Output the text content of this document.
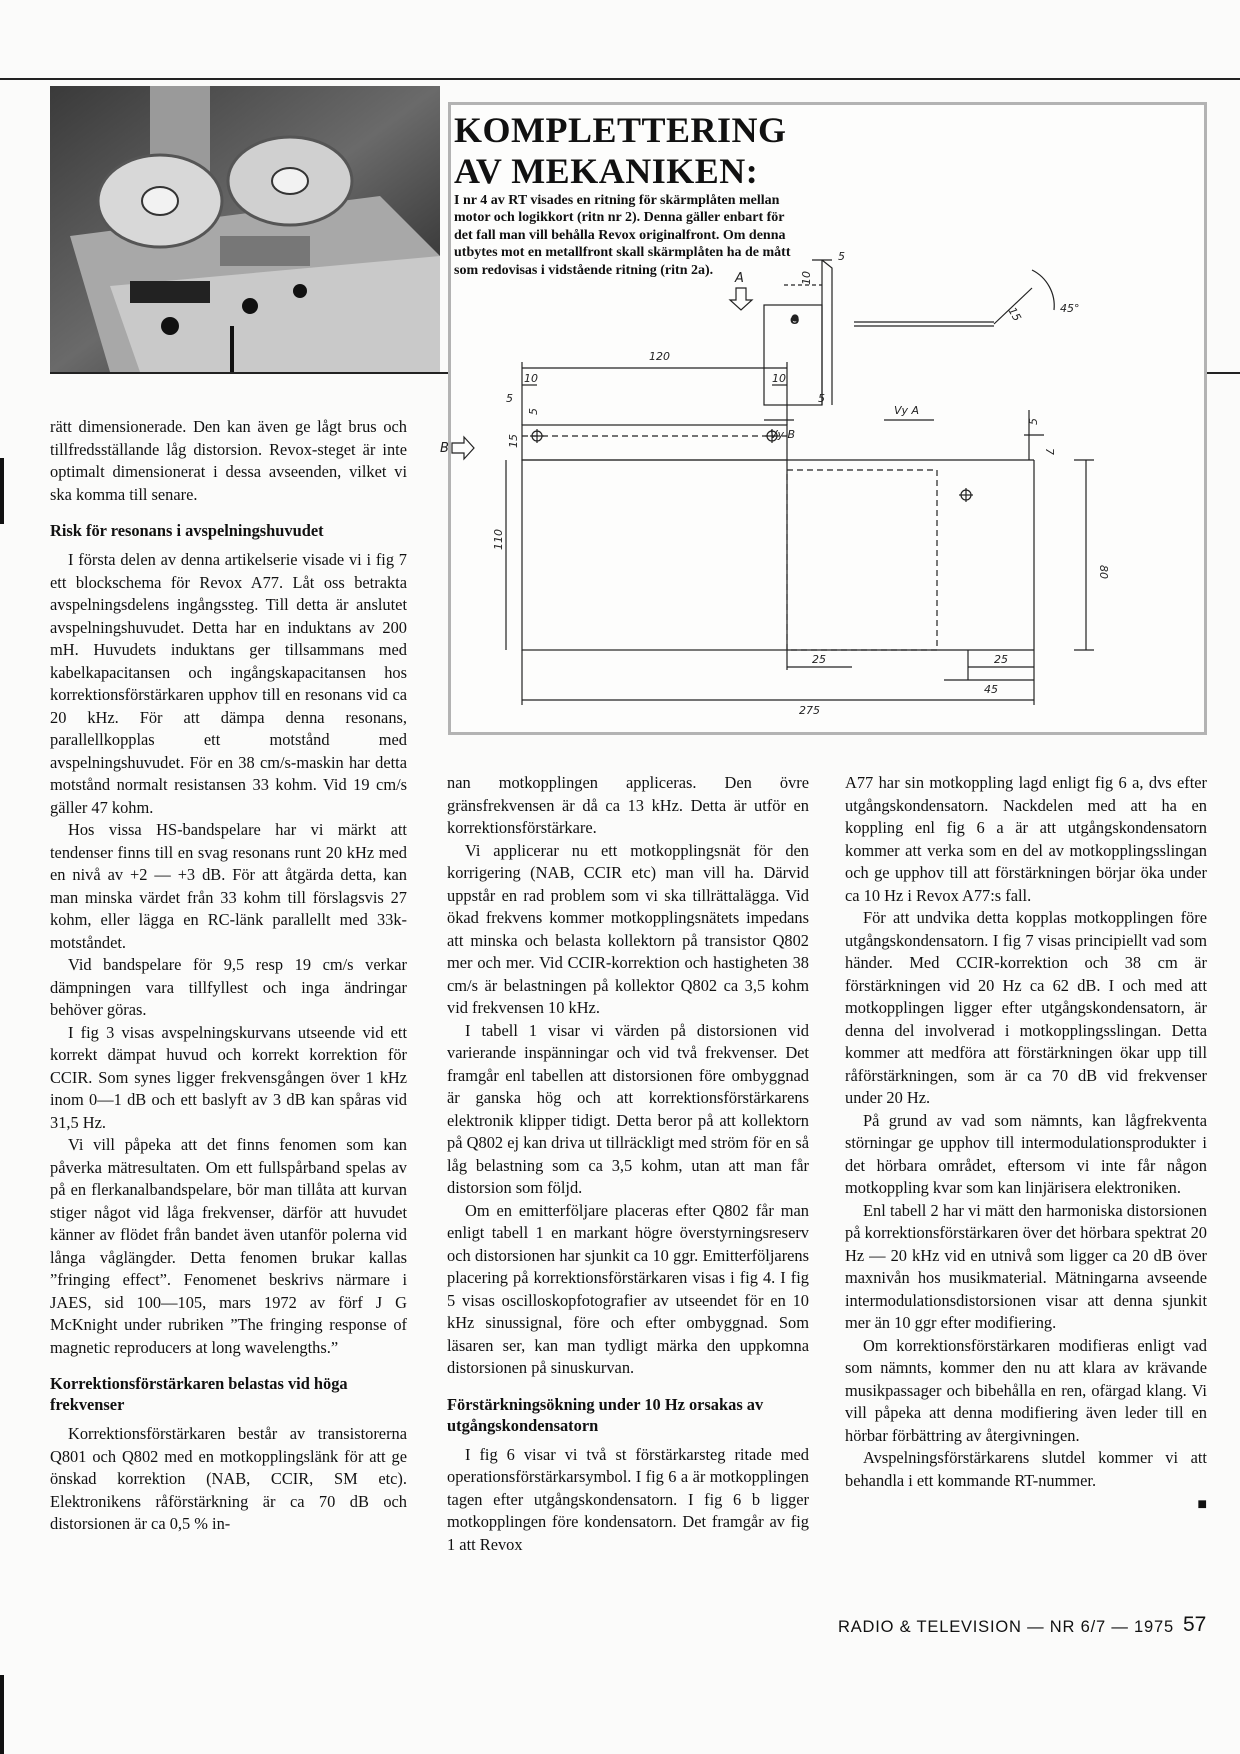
KOMPLETTERING
AV MEKANIKEN:

I nr 4 av RT visades en ritning för skärmplåten mellan motor och logikkort (ritn nr 2). Denna gäller enbart för det fall man vill behålla Revox originalfront. Om denna utbytes mot en metallfront skall skärmplåten ha de mått som redovisas i vidstående ritning (ritn 2a).

120
10	10
5	5
5
15
110
25	25
45
275
80
7
5
5
10
15	45°
A
B
Vy A
Vy B
O

rätt dimensionerade. Den kan även ge lågt brus och tillfredsställande låg distorsion. Revox-steget är inte optimalt dimensionerat i dessa avseenden, vilket vi ska komma till senare.

Risk för resonans i avspelningshuvudet

I första delen av denna artikelserie visade vi i fig 7 ett blockschema för Revox A77. Låt oss betrakta avspelningsdelens ingångssteg. Till detta är anslutet avspelningshuvudet. Detta har en induktans av 200 mH. Huvudets induktans ger tillsammans med kabelkapacitansen och ingångskapacitansen hos korrektionsförstärkaren upphov till en resonans vid ca 20 kHz. För att dämpa denna resonans, parallellkopplas ett motstånd med avspelningshuvudet. För en 38 cm/s-maskin har detta motstånd normalt resistansen 33 kohm. Vid 19 cm/s gäller 47 kohm.

Hos vissa HS-bandspelare har vi märkt att tendenser finns till en svag resonans runt 20 kHz med en nivå av +2 — +3 dB. För att åtgärda detta, kan man minska värdet från 33 kohm till förslagsvis 27 kohm, eller lägga en RC-länk parallellt med 33k-motståndet.

Vid bandspelare för 9,5 resp 19 cm/s verkar dämpningen vara tillfyllest och inga ändringar behöver göras.

I fig 3 visas avspelningskurvans utseende vid ett korrekt dämpat huvud och korrekt korrektion för CCIR. Som synes ligger frekvensgången över 1 kHz inom 0—1 dB och ett baslyft av 3 dB kan spåras vid 31,5 Hz.

Vi vill påpeka att det finns fenomen som kan påverka mätresultaten. Om ett fullspårband spelas av på en flerkanalbandspelare, bör man tillåta att kurvan stiger något vid låga frekvenser, därför att huvudet känner av flödet från bandet även utanför polerna vid långa våglängder. Detta fenomen brukar kallas ”fringing effect”. Fenomenet beskrivs närmare i JAES, sid 100—105, mars 1972 av förf J G McKnight under rubriken ”The fringing response of magnetic reproducers at long wavelengths.”

Korrektionsförstärkaren belastas vid höga frekvenser

Korrektionsförstärkaren består av transistorerna Q801 och Q802 med en motkopplingslänk för att ge önskad korrektion (NAB, CCIR, SM etc). Elektronikens råförstärkning är ca 70 dB och distorsionen är ca 0,5 % in-

nan motkopplingen appliceras. Den övre gränsfrekvensen är då ca 13 kHz. Detta är utför en korrektionsförstärkare.

Vi applicerar nu ett motkopplingsnät för den korrigering (NAB, CCIR etc) man vill ha. Därvid uppstår en rad problem som vi ska tillrättalägga. Vid ökad frekvens kommer motkopplingsnätets impedans att minska och belasta kollektorn på transistor Q802 mer och mer. Vid CCIR-korrektion och hastigheten 38 cm/s är belastningen på kollektor Q802 ca 3,5 kohm vid frekvensen 10 kHz.

I tabell 1 visar vi värden på distorsionen vid varierande inspänningar och vid två frekvenser. Det framgår enl tabellen att distorsionen före ombyggnad är ganska hög och att korrektionsförstärkarens elektronik klipper tidigt. Detta beror på att kollektorn på Q802 ej kan driva ut tillräckligt med ström för en så låg belastning som ca 3,5 kohm, utan att man får distorsion som följd.

Om en emitterföljare placeras efter Q802 får man enligt tabell 1 en markant högre överstyrningsreserv och distorsionen har sjunkit ca 10 ggr. Emitterföljarens placering på korrektionsförstärkaren visas i fig 4. I fig 5 visas oscilloskopfotografier av utseendet för en 10 kHz sinussignal, före och efter ombyggnad. Som läsaren ser, kan man tydligt märka den uppkomna distorsionen på sinuskurvan.

Förstärkningsökning under 10 Hz orsakas av utgångskondensatorn

I fig 6 visar vi två st förstärkarsteg ritade med operationsförstärkarsymbol. I fig 6 a är motkopplingen tagen efter utgångskondensatorn. I fig 6 b ligger motkopplingen före kondensatorn. Det framgår av fig 1 att Revox

A77 har sin motkoppling lagd enligt fig 6 a, dvs efter utgångskondensatorn. Nackdelen med att ha en koppling enl fig 6 a är att utgångskondensatorn kommer att verka som en del av motkopplingsslingan och ge upphov till att förstärkningen börjar öka under ca 10 Hz i Revox A77:s fall.

För att undvika detta kopplas motkopplingen före utgångskondensatorn. I fig 7 visas principiellt vad som händer. Med CCIR-korrektion och 38 cm är förstärkningen vid 20 Hz ca 62 dB. I och med att motkopplingen ligger efter utgångskondensatorn, är denna del involverad i motkopplingsslingan. Detta kommer att medföra att förstärkningen ökar upp till råförstärkningen, som är ca 70 dB vid frekvenser under 20 Hz.

På grund av vad som nämnts, kan lågfrekventa störningar ge upphov till intermodulationsprodukter i det hörbara området, eftersom vi inte får någon motkoppling kvar som kan linjärisera elektroniken.

Enl tabell 2 har vi mätt den harmoniska distorsionen på korrektionsförstärkaren över det hörbara spektrat 20 Hz — 20 kHz vid en utnivå som ligger ca 20 dB över maxnivån hos musikmaterial. Mätningarna avseende intermodulationsdistorsionen visar att denna sjunkit mer än 10 ggr efter modifiering.

Om korrektionsförstärkaren modifieras enligt vad som nämnts, kommer den nu att klara av krävande musikpassager och bibehålla en ren, ofärgad klang. Vi vill påpeka att denna modifiering även leder till en hörbar förbättring av återgivningen.

Avspelningsförstärkarens slutdel kommer vi att behandla i ett kommande RT-nummer.

■
RADIO & TELEVISION — NR 6/7 — 1975 57
